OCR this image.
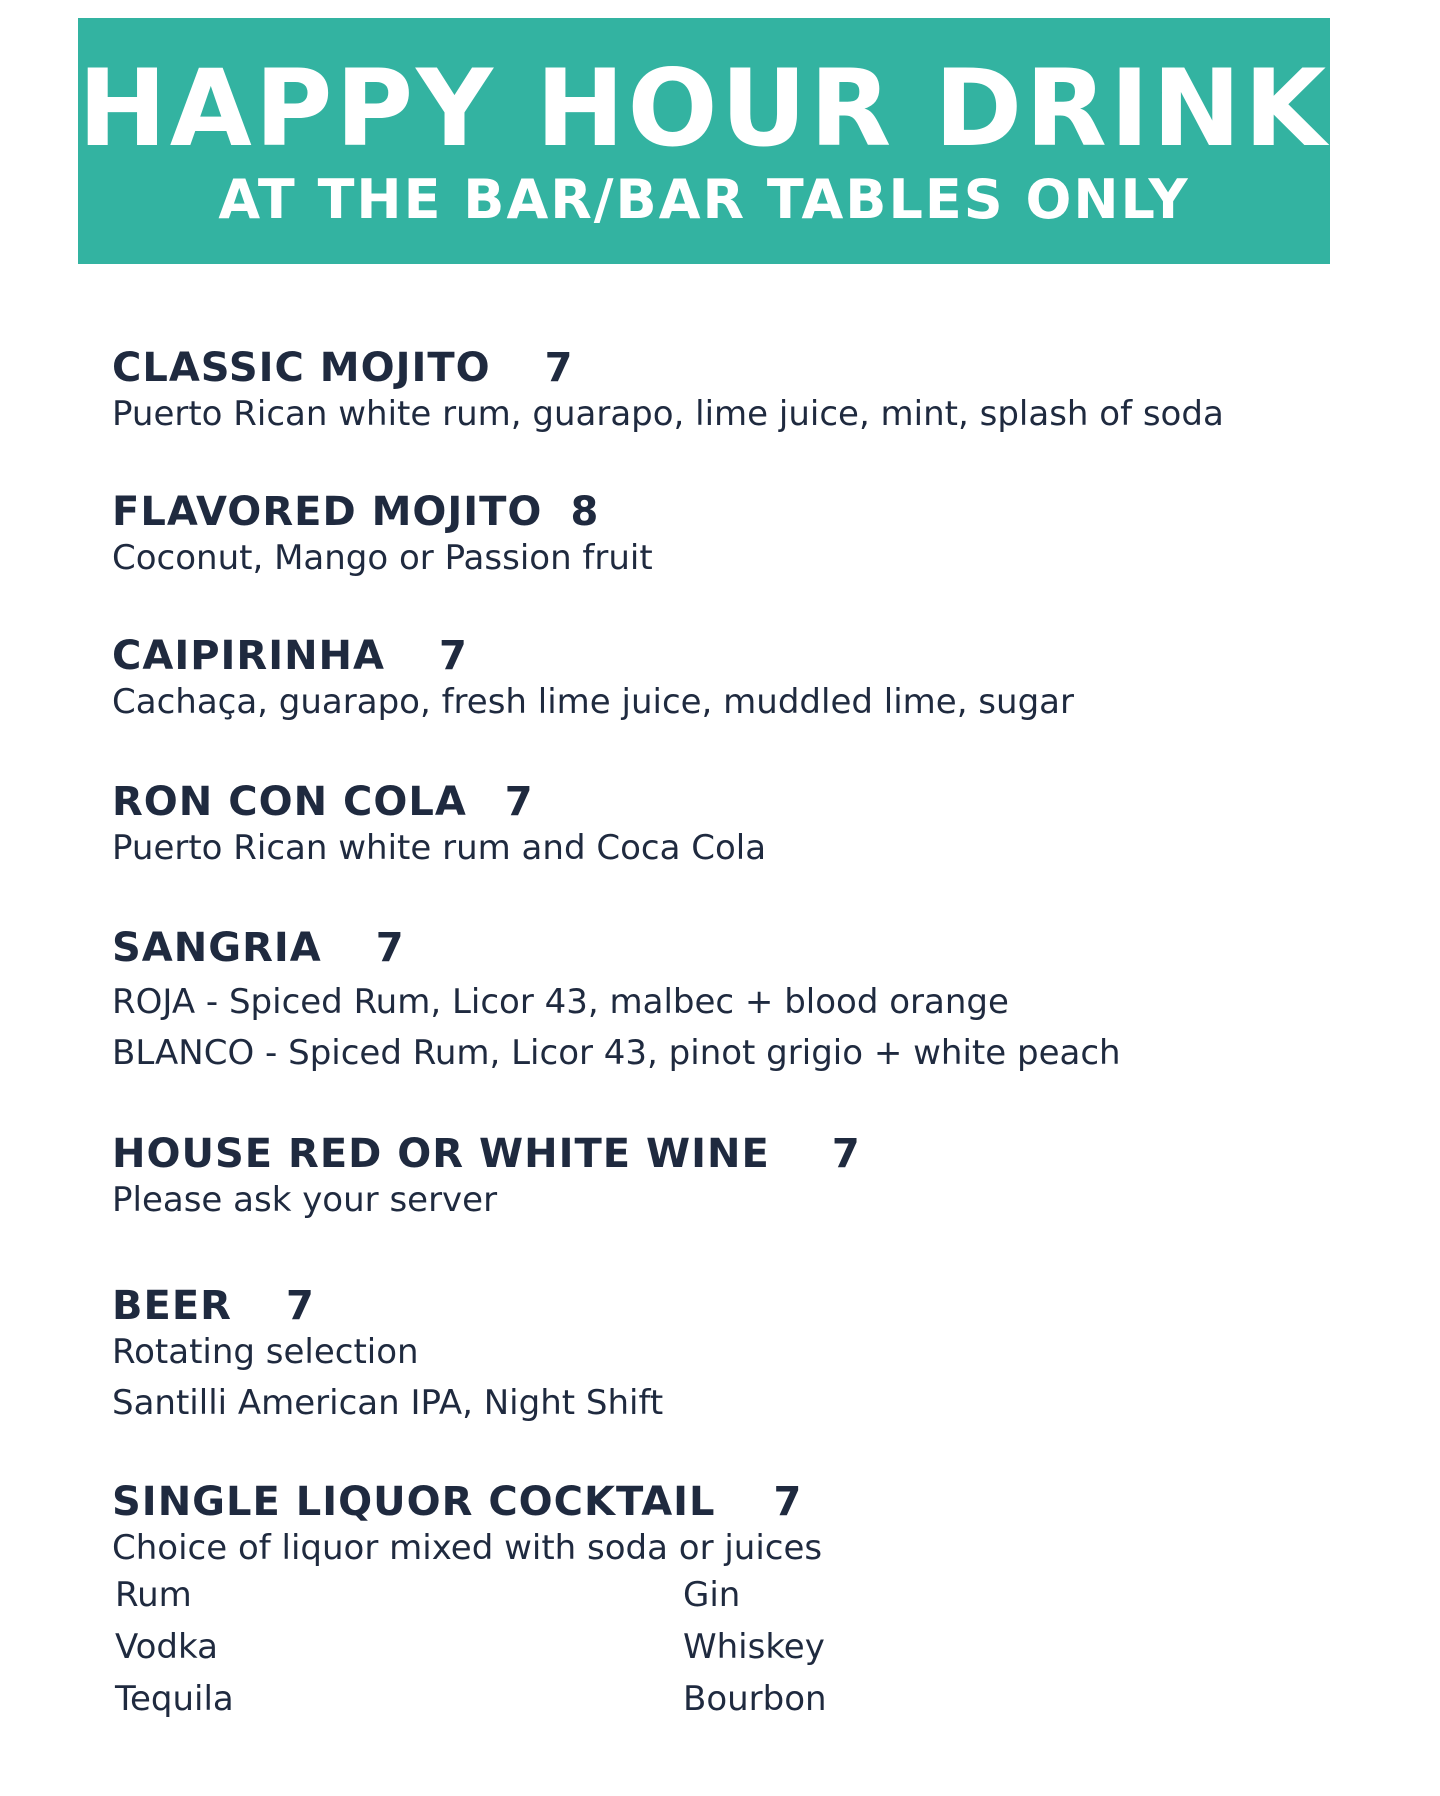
HAPPY HOUR DRINKS
AT THE BAR/BAR TABLES ONLY
CLASSIC MOJITO 7
Puerto Rican white rum, guarapo, lime juice, mint, splash of soda
FLAVORED MOJITO 8
Coconut, Mango or Passion fruit
CAIPIRINHA 7
Cachaça, guarapo, fresh lime juice, muddled lime, sugar
RON CON COLA 7
Puerto Rican white rum and Coca Cola
SANGRIA 7
ROJA - Spiced Rum, Licor 43, malbec + blood orange
BLANCO - Spiced Rum, Licor 43, pinot grigio + white peach
HOUSE RED OR WHITE WINE 7
Please ask your server
BEER 7
Rotating selection
Santilli American IPA, Night Shift
SINGLE LIQUOR COCKTAIL 7
Choice of liquor mixed with soda or juices
Rum	Gin
Vodka	Whiskey
Tequila	Bourbon
